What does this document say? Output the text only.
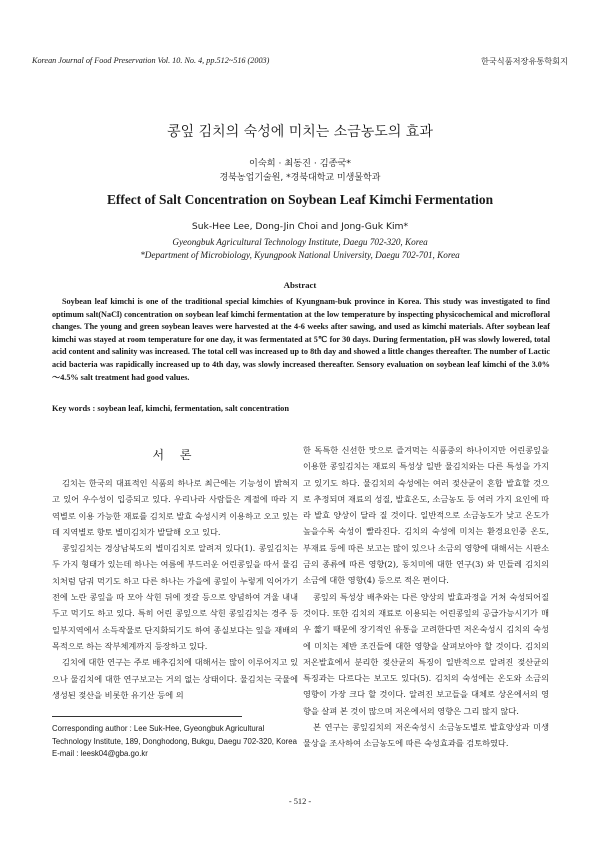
Korean Journal of Food Preservation Vol. 10. No. 4, pp.512~516 (2003)	한국식품저장유통학회지
콩잎 김치의 숙성에 미치는 소금농도의 효과
이숙희 · 최동진 · 김종국*
경북농업기술원, *경북대학교 미생물학과
Effect of Salt Concentration on Soybean Leaf Kimchi Fermentation
Suk-Hee Lee, Dong-Jin Choi and Jong-Guk Kim*
Gyeongbuk Agricultural Technology Institute, Daegu 702-320, Korea
*Department of Microbiology, Kyungpook National University, Daegu 702-701, Korea
Abstract

Soybean leaf kimchi is one of the traditional special kimchies of Kyungnam-buk province in Korea. This study was investigated to find optimum salt(NaCl) concentration on soybean leaf kimchi fermentation at the low temperature by inspecting physicochemical and microfloral changes. The young and green soybean leaves were harvested at the 4-6 weeks after sawing, and used as kimchi materials. After soybean leaf kimchi was stayed at room temperature for one day, it was fermentated at 5℃ for 30 days. During fermentation, pH was slowly lowered, total acid content and salinity was increased. The total cell was increased up to 8th day and showed a little changes thereafter. The number of Lactic acid bacteria was rapidically increased up to 4th day, was slowly increased thereafter. Sensory evaluation on soybean leaf kimchi of the 3.0%～4.5% salt treatment had good values.

Key words : soybean leaf, kimchi, fermentation, salt concentration
서 론

김치는 한국의 대표적인 식품의 하나로 최근에는 기능성이 밝혀지고 있어 우수성이 입증되고 있다. 우리나라 사람들은 계절에 따라 지역별로 이용 가능한 재료를 김치로 발효 숙성시켜 이용하고 오고 있는데 지역별로 향토 별미김치가 발달해 오고 있다.

콩잎김치는 경상남북도의 별미김치로 알려져 있다(1). 콩잎김치는 두 가지 형태가 있는데 하나는 여름에 부드러운 어린콩잎을 따서 물김치처럼 담궈 먹기도 하고 다른 하나는 가을에 콩잎이 누렇게 익어가기 전에 노란 콩잎을 따 모아 삭힌 뒤에 젓갈 등으로 양념하여 겨울 내내 두고 먹기도 하고 있다. 특히 어린 콩잎으로 삭힌 콩잎김치는 경주 등 일부지역에서 소득작물로 단지화되기도 하여 종실보다는 잎을 재배의 목적으로 하는 작부체계까지 등장하고 있다.

김치에 대한 연구는 주로 배추김치에 대해서는 많이 이루어지고 있으나 물김치에 대한 연구보고는 거의 없는 상태이다. 물김치는 국물에 생성된 젖산을 비롯한 유기산 등에 의

한 독특한 신선한 맛으로 즐겨먹는 식품중의 하나이지만 어린콩잎을 이용한 콩잎김치는 재료의 특성상 일반 물김치와는 다른 특성을 가지고 있기도 하다. 물김치의 숙성에는 여러 젖산균이 혼합 발효할 것으로 추정되며 재료의 성질, 발효온도, 소금농도 등 여러 가지 요인에 따라 발효 양상이 달라 질 것이다. 일반적으로 소금농도가 낮고 온도가 높을수록 숙성이 빨라진다. 김치의 숙성에 미치는 환경요인중 온도, 부재료 등에 따른 보고는 많이 있으나 소금의 영향에 대해서는 시판소금의 종류에 따른 영향(2), 동치미에 대한 연구(3) 와 민들레 김치의 소금에 대한 영향(4) 등으로 적은 편이다.

콩잎의 특성상 배추와는 다른 양상의 발효과정을 거쳐 숙성되어질 것이다. 또한 김치의 재료로 이용되는 어린콩잎의 공급가능시기가 매우 짧기 때문에 장기적인 유통을 고려한다면 저온숙성시 김치의 숙성에 미치는 제반 조건들에 대한 영향을 살펴보아야 할 것이다. 김치의 저온발효에서 분리한 젖산균의 특징이 일반적으로 알려진 젖산균의 특징과는 다르다는 보고도 있다(5). 김치의 숙성에는 온도와 소금의 영향이 가장 크다 할 것이다. 알려진 보고들을 대체로 상온에서의 영향을 살펴 본 것이 많으며 저온에서의 영향은 그리 많지 않다.

본 연구는 콩잎김치의 저온숙성시 소금농도별로 발효양상과 미생물상을 조사하여 소금농도에 따른 숙성효과를 검토하였다.

Corresponding author : Lee Suk-Hee, Gyeongbuk Agricultural Technology Institute, 189, Donghodong, Bukgu, Daegu 702-320, Korea
E-mail : leesk04@gba.go.kr
- 512 -
